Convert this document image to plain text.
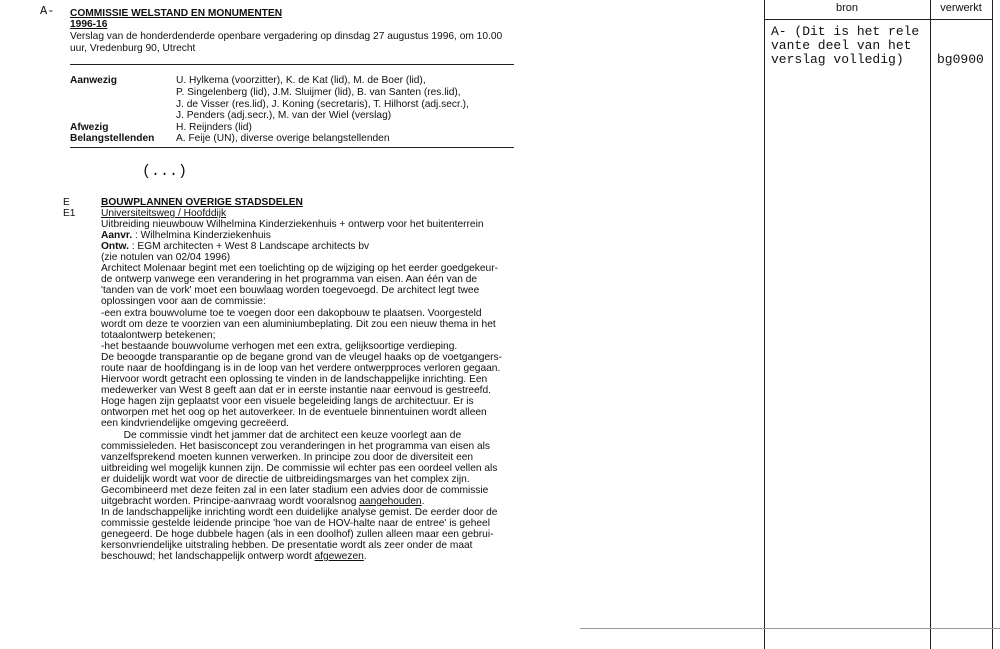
A- COMMISSIE WELSTAND EN MONUMENTEN
1996-16
Verslag van de honderdenderde openbare vergadering op dinsdag 27 augustus 1996, om 10.00
uur, Vredenburg 90, Utrecht
Aanwezig	U. Hylkema (voorzitter), K. de Kat (lid), M. de Boer (lid),
P. Singelenberg (lid), J.M. Sluijmer (lid), B. van Santen (res.lid),
J. de Visser (res.lid), J. Koning (secretaris), T. Hilhorst (adj.secr.),
J. Penders (adj.secr.), M. van der Wiel (verslag)
Afwezig	H. Reijnders (lid)
Belangstellenden A. Feije (UN), diverse overige belangstellenden
(...)
E	BOUWPLANNEN OVERIGE STADSDELEN
E1	Universiteitsweg / Hoofddijk
Uitbreiding nieuwbouw Wilhelmina Kinderziekenhuis + ontwerp voor het buitenterrein
Aanvr. : Wilhelmina Kinderziekenhuis
Ontw. : EGM architecten + West 8 Landscape architects bv
(zie notulen van 02/04 1996)
Architect Molenaar begint met een toelichting op de wijziging op het eerder goedgekeur-
de ontwerp vanwege een verandering in het programma van eisen. Aan één van de
'tanden van de vork' moet een bouwlaag worden toegevoegd. De architect legt twee
oplossingen voor aan de commissie:
-een extra bouwvolume toe te voegen door een dakopbouw te plaatsen. Voorgesteld
wordt om deze te voorzien van een aluminiumbeplating. Dit zou een nieuw thema in het
totaalontwerp betekenen;
-het bestaande bouwvolume verhogen met een extra, gelijksoortige verdieping.
De beoogde transparantie op de begane grond van de vleugel haaks op de voetgangers-
route naar de hoofdingang is in de loop van het verdere ontwerpproces verloren gegaan.
Hiervoor wordt getracht een oplossing te vinden in de landschappelijke inrichting. Een
medewerker van West 8 geeft aan dat er in eerste instantie naar eenvoud is gestreefd.
Hoge hagen zijn geplaatst voor een visuele begeleiding langs de architectuur. Er is
ontworpen met het oog op het autoverkeer. In de eventuele binnentuinen wordt alleen
een kindvriendelijke omgeving gecreëerd.
De commissie vindt het jammer dat de architect een keuze voorlegt aan de
commissieleden. Het basisconcept zou veranderingen in het programma van eisen als
vanzelfsprekend moeten kunnen verwerken. In principe zou door de diversiteit een
uitbreiding wel mogelijk kunnen zijn. De commissie wil echter pas een oordeel vellen als
er duidelijk wordt wat voor de directie de uitbreidingsmarges van het complex zijn.
Gecombineerd met deze feiten zal in een later stadium een advies door de commissie
uitgebracht worden. Principe-aanvraag wordt vooralsnog aangehouden.
In de landschappelijke inrichting wordt een duidelijke analyse gemist. De eerder door de
commissie gestelde leidende principe 'hoe van de HOV-halte naar de entree' is geheel
genegeerd. De hoge dubbele hagen (als in een doolhof) zullen alleen maar een gebrui-
kersonvriendelijke uitstraling hebben. De presentatie wordt als zeer onder de maat
beschouwd; het landschappelijk ontwerp wordt afgewezen.
bron	verwerkt
A- (Dit is het rele
vante deel van het
verslag volledig)	bg0900
